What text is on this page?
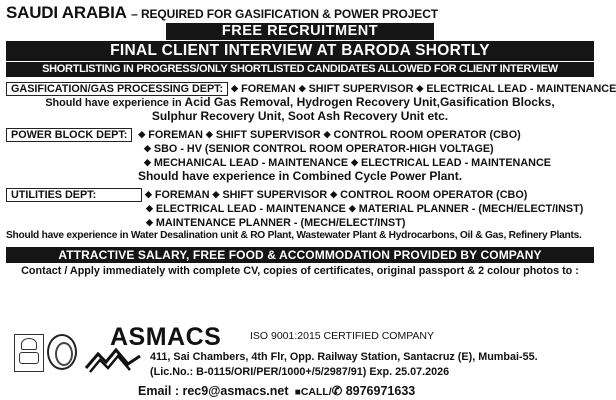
SAUDI ARABIA – REQUIRED FOR GASIFICATION & POWER PROJECT
FREE RECRUITMENT
FINAL CLIENT INTERVIEW AT BARODA SHORTLY
SHORTLISTING IN PROGRESS/ONLY SHORTLISTED CANDIDATES ALLOWED FOR CLIENT INTERVIEW
GASIFICATION/GAS PROCESSING DEPT: ◆ FOREMAN ◆ SHIFT SUPERVISOR ◆ ELECTRICAL LEAD - MAINTENANCE
Should have experience in Acid Gas Removal, Hydrogen Recovery Unit,Gasification Blocks,
Sulphur Recovery Unit, Soot Ash Recovery Unit etc.
POWER BLOCK DEPT: ◆ FOREMAN ◆ SHIFT SUPERVISOR ◆ CONTROL ROOM OPERATOR (CBO)
◆ SBO - HV (SENIOR CONTROL ROOM OPERATOR-HIGH VOLTAGE)
◆ MECHANICAL LEAD - MAINTENANCE ◆ ELECTRICAL LEAD - MAINTENANCE
Should have experience in Combined Cycle Power Plant.
UTILITIES DEPT:	◆ FOREMAN ◆ SHIFT SUPERVISOR ◆ CONTROL ROOM OPERATOR (CBO)
◆ ELECTRICAL LEAD - MAINTENANCE ◆ MATERIAL PLANNER - (MECH/ELECT/INST)
◆ MAINTENANCE PLANNER - (MECH/ELECT/INST)
Should have experience in Water Desalination unit & RO Plant, Wastewater Plant & Hydrocarbons, Oil & Gas, Refinery Plants.
ATTRACTIVE SALARY, FREE FOOD & ACCOMMODATION PROVIDED BY COMPANY
Contact / Apply immediately with complete CV, copies of certificates, original passport & 2 colour photos to :
ASMACS	ISO 9001:2015 CERTIFIED COMPANY
411, Sai Chambers, 4th Flr, Opp. Railway Station, Santacruz (E), Mumbai-55.
(Lic.No.: B-0115/ORI/PER/1000+/5/2987/91) Exp. 25.07.2026
Email : rec9@asmacs.net  ■CALL/✆ 8976971633
